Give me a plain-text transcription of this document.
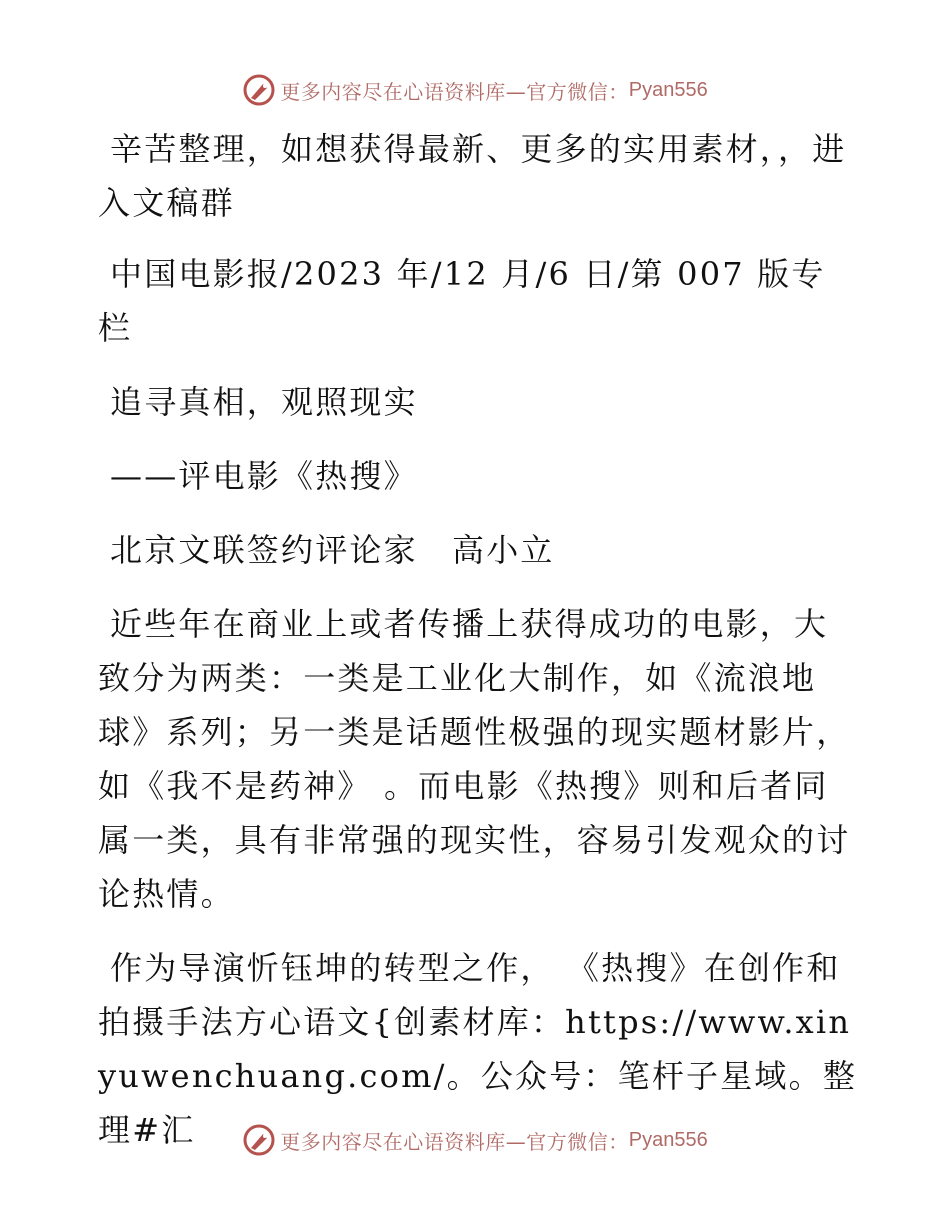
更多内容尽在心语资料库—官方微信： Pyan556

辛苦整理，如想获得最新、更多的实用素材，，进入文稿群

中国电影报/2023 年/12 月/6 日/第 007 版专栏

追寻真相，观照现实

——评电影《热搜》

北京文联签约评论家　高小立

近些年在商业上或者传播上获得成功的电影，大致分为两类：一类是工业化大制作，如《流浪地球》系列；另一类是话题性极强的现实题材影片，如《我不是药神》 。而电影《热搜》则和后者同属一类，具有非常强的现实性，容易引发观众的讨论热情。

作为导演忻钰坤的转型之作， 《热搜》在创作和拍摄手法方心语文{创素材库：https://www.xinyuwenchuang.com/。公众号：笔杆子星域。整理#汇	更多内容尽在心语资料库—官方微信： Pyan556
